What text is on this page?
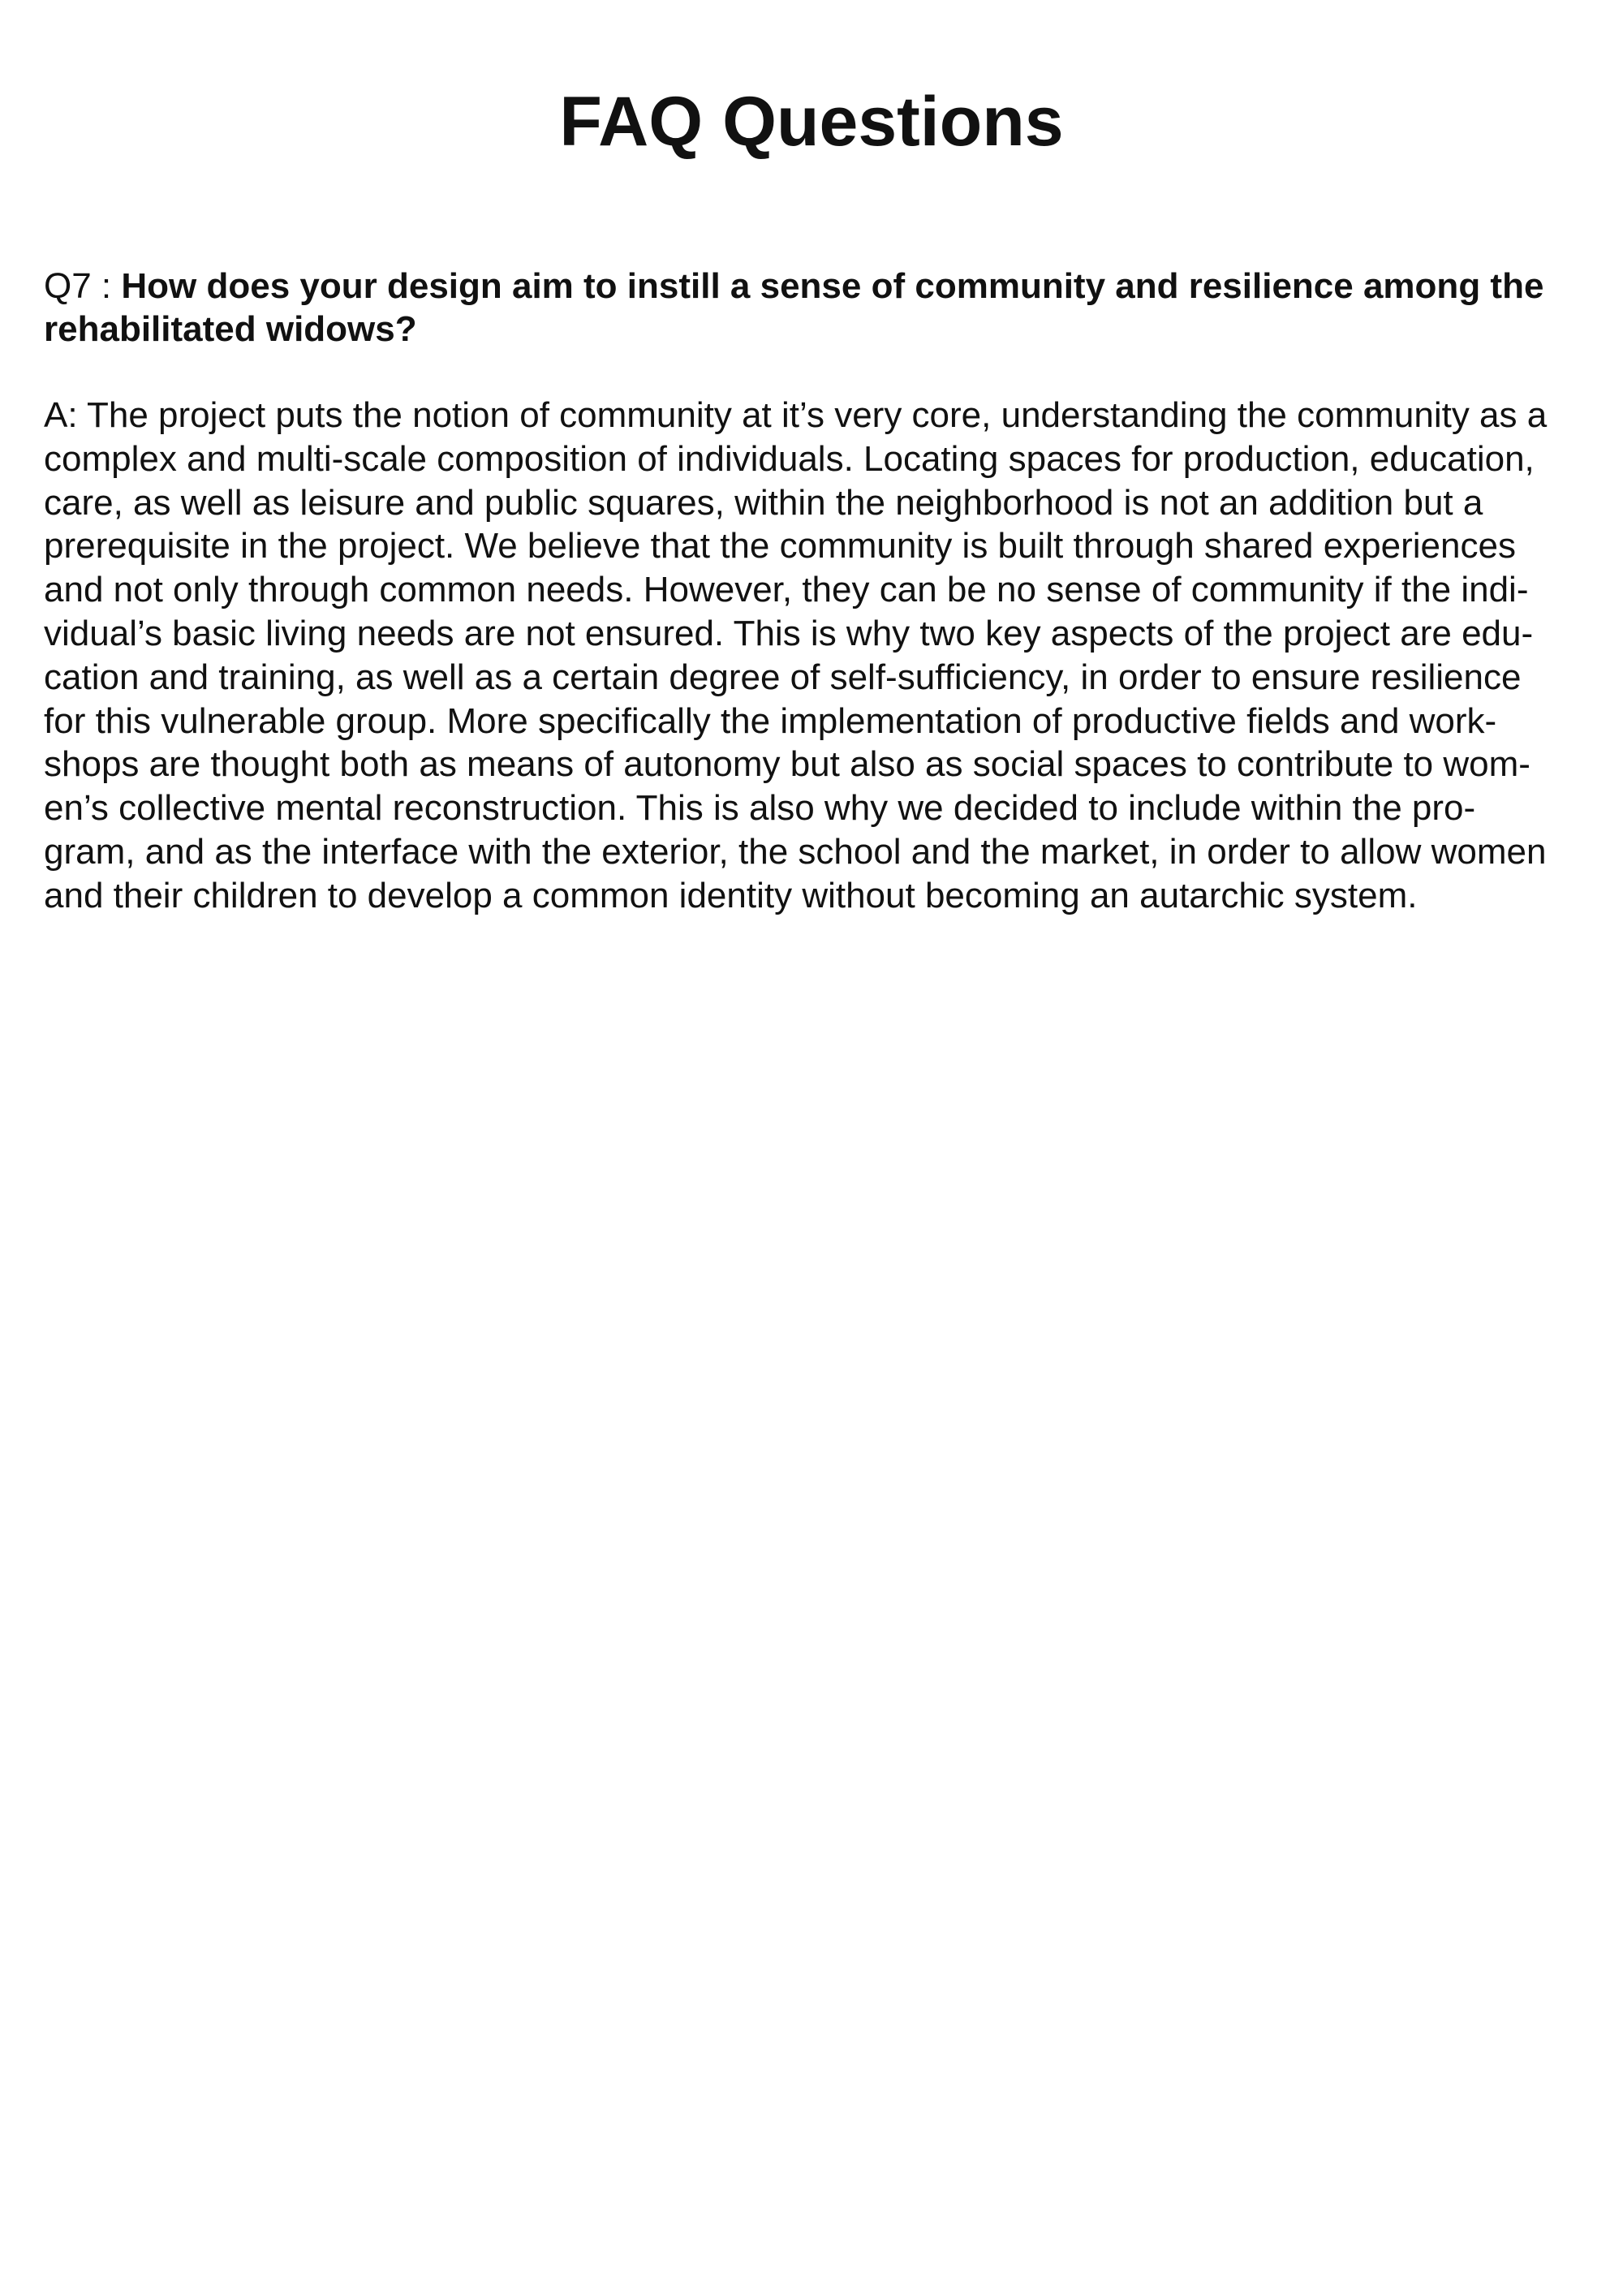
FAQ Questions

Q7 : How does your design aim to instill a sense of community and resilience among the rehabilitated widows?

A: The project puts the notion of community at it’s very core, understanding the community as a
complex and multi-scale composition of individuals. Locating spaces for production, education,
care, as well as leisure and public squares, within the neighborhood is not an addition but a
prerequisite in the project. We believe that the community is built through shared experiences
and not only through common needs. However, they can be no sense of community if the indi-
vidual’s basic living needs are not ensured. This is why two key aspects of the project are edu-
cation and training, as well as a certain degree of self-sufficiency, in order to ensure resilience
for this vulnerable group. More specifically the implementation of productive fields and work-
shops are thought both as means of autonomy but also as social spaces to contribute to wom-
en’s collective mental reconstruction. This is also why we decided to include within the pro-
gram, and as the interface with the exterior, the school and the market, in order to allow women
and their children to develop a common identity without becoming an autarchic system.
